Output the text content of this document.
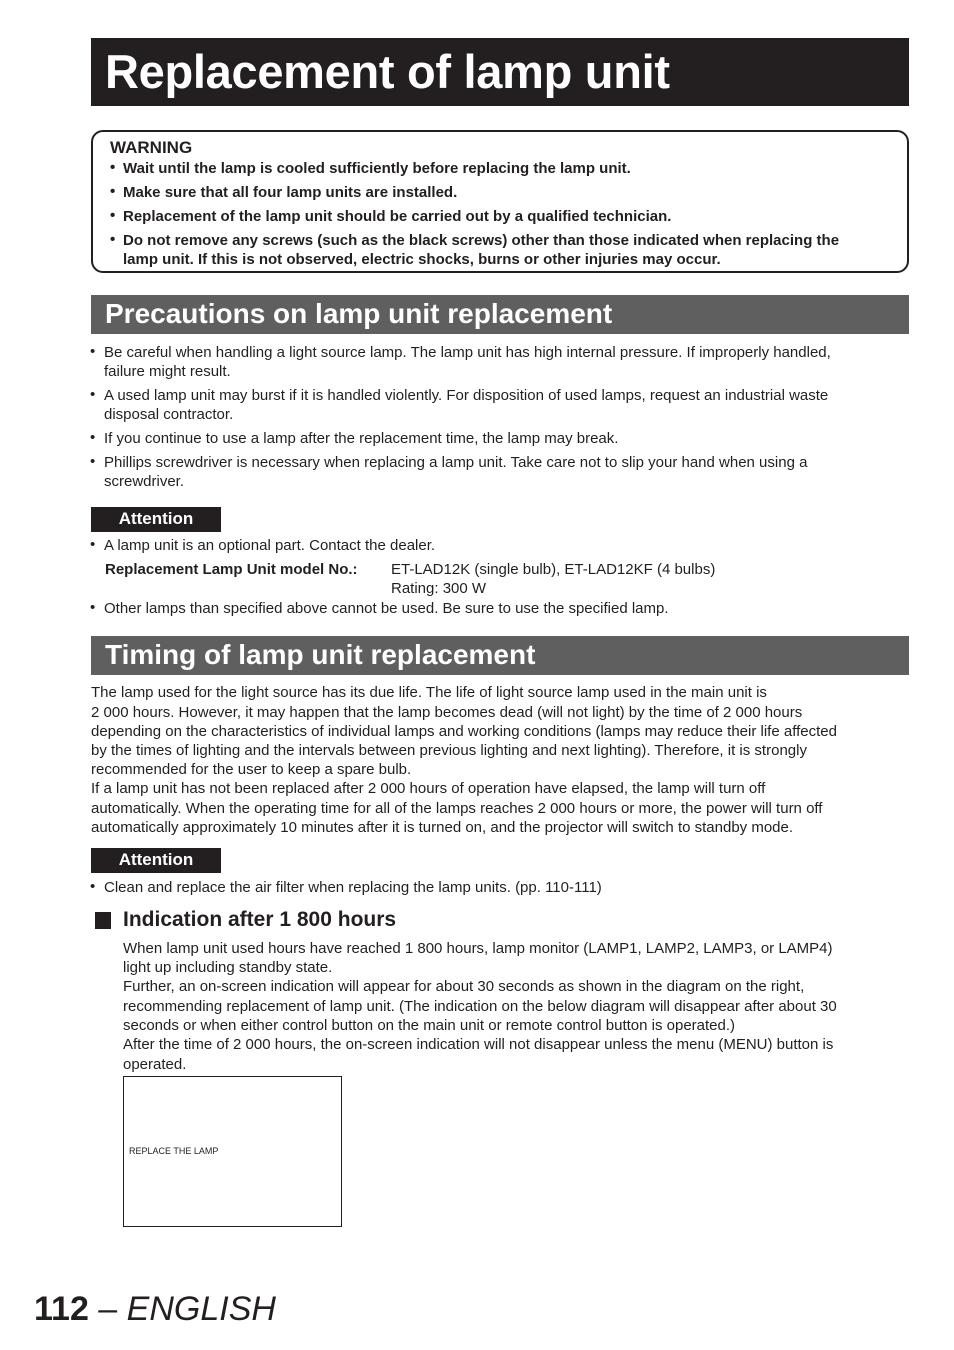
Replacement of lamp unit
WARNING
• Wait until the lamp is cooled sufficiently before replacing the lamp unit.
• Make sure that all four lamp units are installed.
• Replacement of the lamp unit should be carried out by a qualified technician.
• Do not remove any screws (such as the black screws) other than those indicated when replacing the
lamp unit. If this is not observed, electric shocks, burns or other injuries may occur.
Precautions on lamp unit replacement
• Be careful when handling a light source lamp. The lamp unit has high internal pressure. If improperly handled,
failure might result.
• A used lamp unit may burst if it is handled violently. For disposition of used lamps, request an industrial waste
disposal contractor.
• If you continue to use a lamp after the replacement time, the lamp may break.
• Phillips screwdriver is necessary when replacing a lamp unit. Take care not to slip your hand when using a
screwdriver.
Attention
• A lamp unit is an optional part. Contact the dealer.
Replacement Lamp Unit model No.: ET-LAD12K (single bulb), ET-LAD12KF (4 bulbs)
Rating: 300 W
• Other lamps than specified above cannot be used. Be sure to use the specified lamp.
Timing of lamp unit replacement
The lamp used for the light source has its due life. The life of light source lamp used in the main unit is
2 000 hours. However, it may happen that the lamp becomes dead (will not light) by the time of 2 000 hours
depending on the characteristics of individual lamps and working conditions (lamps may reduce their life affected
by the times of lighting and the intervals between previous lighting and next lighting). Therefore, it is strongly
recommended for the user to keep a spare bulb.
If a lamp unit has not been replaced after 2 000 hours of operation have elapsed, the lamp will turn off
automatically. When the operating time for all of the lamps reaches 2 000 hours or more, the power will turn off
automatically approximately 10 minutes after it is turned on, and the projector will switch to standby mode.
Attention
• Clean and replace the air filter when replacing the lamp units. (pp. 110-111)
Indication after 1 800 hours
When lamp unit used hours have reached 1 800 hours, lamp monitor (LAMP1, LAMP2, LAMP3, or LAMP4)
light up including standby state.
Further, an on-screen indication will appear for about 30 seconds as shown in the diagram on the right,
recommending replacement of lamp unit. (The indication on the below diagram will disappear after about 30
seconds or when either control button on the main unit or remote control button is operated.)
After the time of 2 000 hours, the on-screen indication will not disappear unless the menu (MENU) button is
operated.
REPLACE THE LAMP
112 – ENGLISH
